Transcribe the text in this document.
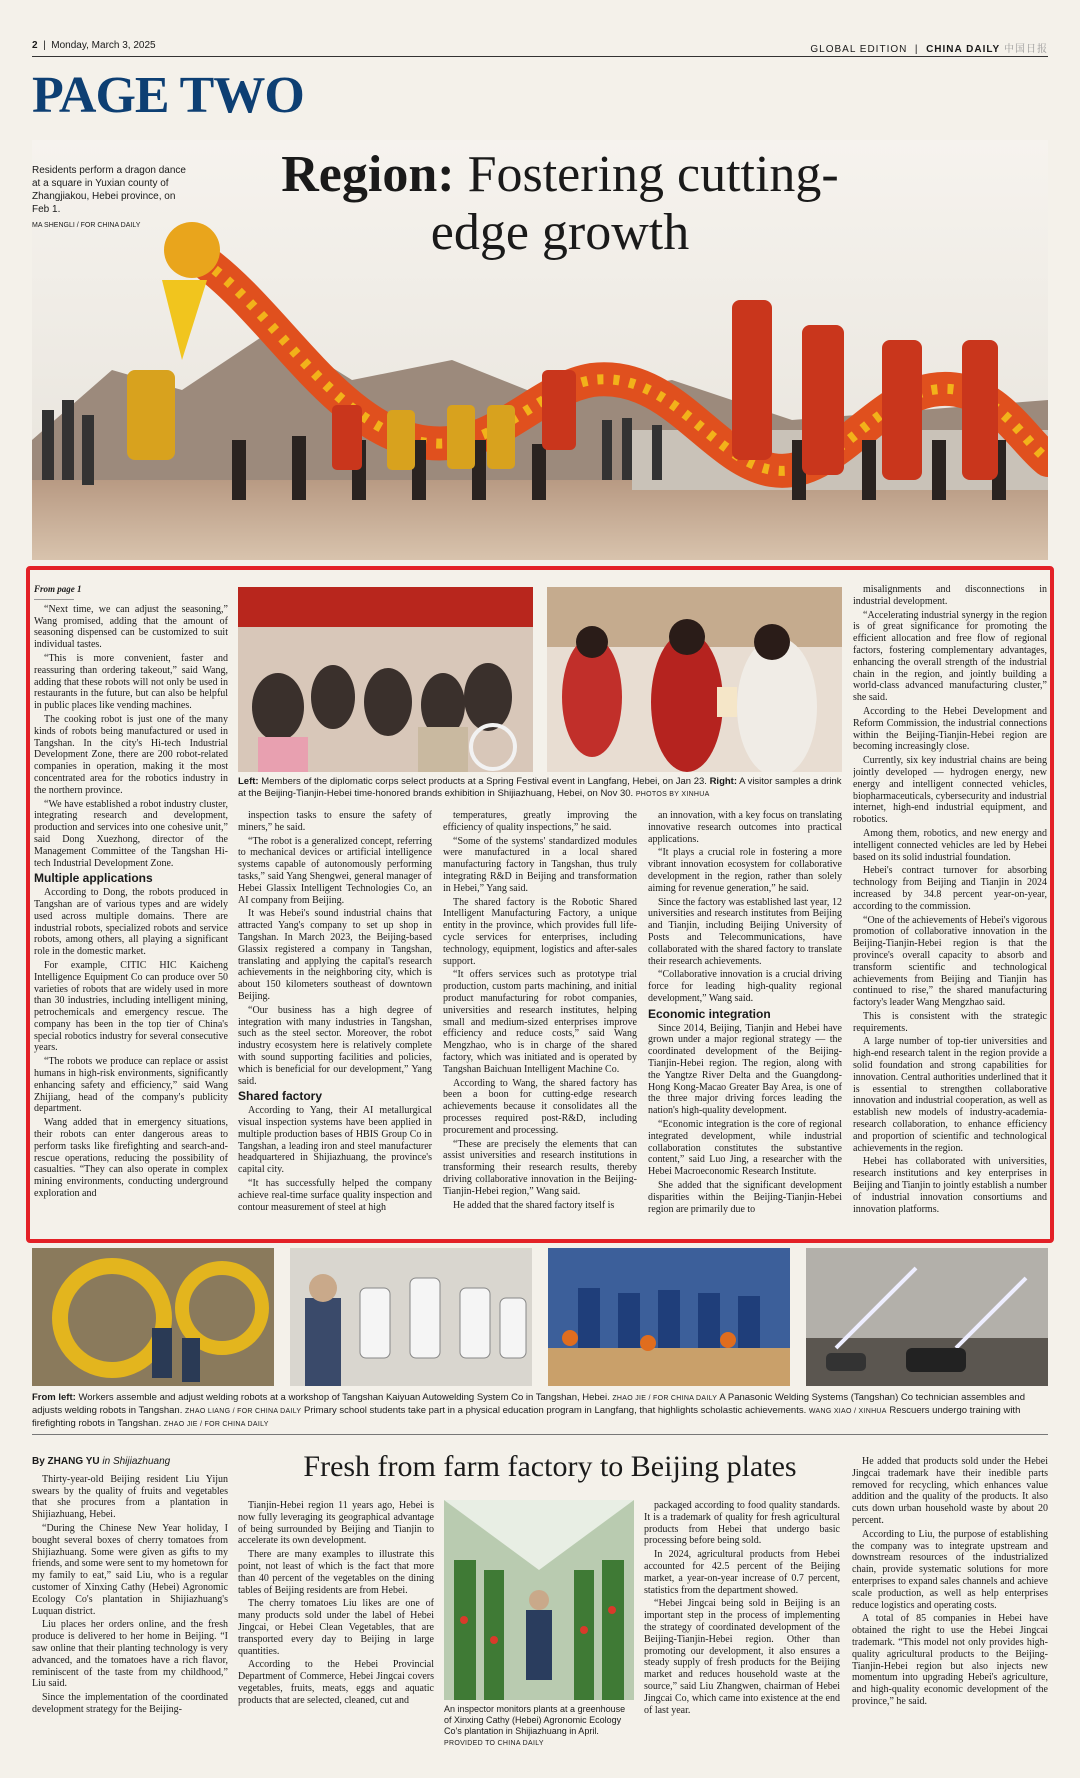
2  |  Monday, March 3, 2025	GLOBAL EDITION  |  CHINA DAILY 中国日报
PAGE TWO
Residents perform a dragon dance at a square in Yuxian county of Zhangjiakou, Hebei province, on Feb 1.
MA SHENGLI / FOR CHINA DAILY
Region: Fostering cutting-edge growth
From page 1

“Next time, we can adjust the seasoning,” Wang promised, adding that the amount of seasoning dispensed can be customized to suit individual tastes.

“This is more convenient, faster and reassuring than ordering takeout,” said Wang, adding that these robots will not only be used in restaurants in the future, but can also be helpful in public places like vending machines.

The cooking robot is just one of the many kinds of robots being manufactured or used in Tangshan. In the city's Hi-tech Industrial Development Zone, there are 200 robot-related companies in operation, making it the most concentrated area for the robotics industry in the northern province.

“We have established a robot industry cluster, integrating research and development, production and services into one cohesive unit,” said Dong Xuezhong, director of the Management Committee of the Tangshan Hi-tech Industrial Development Zone.

Multiple applications

According to Dong, the robots produced in Tangshan are of various types and are widely used across multiple domains. There are industrial robots, specialized robots and service robots, among others, all playing a significant role in the domestic market.

For example, CITIC HIC Kaicheng Intelligence Equipment Co can produce over 50 varieties of robots that are widely used in more than 30 industries, including intelligent mining, petrochemicals and emergency rescue. The company has been in the top tier of China's special robotics industry for several consecutive years.

“The robots we produce can replace or assist humans in high-risk environments, significantly enhancing safety and efficiency,” said Wang Zhijiang, head of the company's publicity department.

Wang added that in emergency situations, their robots can enter dangerous areas to perform tasks like firefighting and search-and-rescue operations, reducing the possibility of casualties. “They can also operate in complex mining environments, conducting underground exploration and

Left: Members of the diplomatic corps select products at a Spring Festival event in Langfang, Hebei, on Jan 23. Right: A visitor samples a drink at the Beijing-Tianjin-Hebei time-honored brands exhibition in Shijiazhuang, Hebei, on Nov 30. PHOTOS BY XINHUA

inspection tasks to ensure the safety of miners,” he said.

“The robot is a generalized concept, referring to mechanical devices or artificial intelligence systems capable of autonomously performing tasks,” said Yang Shengwei, general manager of Hebei Glassix Intelligent Technologies Co, an AI company from Beijing.

It was Hebei's sound industrial chains that attracted Yang's company to set up shop in Tangshan. In March 2023, the Beijing-based Glassix registered a company in Tangshan, translating and applying the capital's research achievements in the neighboring city, which is about 150 kilometers southeast of downtown Beijing.

“Our business has a high degree of integration with many industries in Tangshan, such as the steel sector. Moreover, the robot industry ecosystem here is relatively complete with sound supporting facilities and policies, which is beneficial for our development,” Yang said.

Shared factory

According to Yang, their AI metallurgical visual inspection systems have been applied in multiple production bases of HBIS Group Co in Tangshan, a leading iron and steel manufacturer headquartered in Shijiazhuang, the province's capital city.

“It has successfully helped the company achieve real-time surface quality inspection and contour measurement of steel at high

temperatures, greatly improving the efficiency of quality inspections,” he said.

“Some of the systems' standardized modules were manufactured in a local shared manufacturing factory in Tangshan, thus truly integrating R&D in Beijing and transformation in Hebei,” Yang said.

The shared factory is the Robotic Shared Intelligent Manufacturing Factory, a unique entity in the province, which provides full life-cycle services for enterprises, including technology, equipment, logistics and after-sales support.

“It offers services such as prototype trial production, custom parts machining, and initial product manufacturing for robot companies, universities and research institutes, helping small and medium-sized enterprises improve efficiency and reduce costs,” said Wang Mengzhao, who is in charge of the shared factory, which was initiated and is operated by Tangshan Baichuan Intelligent Machine Co.

According to Wang, the shared factory has been a boon for cutting-edge research achievements because it consolidates all the processes required post-R&D, including procurement and processing.

“These are precisely the elements that can assist universities and research institutions in transforming their research results, thereby driving collaborative innovation in the Beijing-Tianjin-Hebei region,” Wang said.

He added that the shared factory itself is

an innovation, with a key focus on translating innovative research outcomes into practical applications.

“It plays a crucial role in fostering a more vibrant innovation ecosystem for collaborative development in the region, rather than solely aiming for revenue generation,” he said.

Since the factory was established last year, 12 universities and research institutes from Beijing and Tianjin, including Beijing University of Posts and Telecommunications, have collaborated with the shared factory to translate their research achievements.

“Collaborative innovation is a crucial driving force for leading high-quality regional development,” Wang said.

Economic integration

Since 2014, Beijing, Tianjin and Hebei have grown under a major regional strategy — the coordinated development of the Beijing-Tianjin-Hebei region. The region, along with the Yangtze River Delta and the Guangdong-Hong Kong-Macao Greater Bay Area, is one of the three major driving forces leading the nation's high-quality development.

“Economic integration is the core of regional integrated development, while industrial collaboration constitutes the substantive content,” said Luo Jing, a researcher with the Hebei Macroeconomic Research Institute.

She added that the significant development disparities within the Beijing-Tianjin-Hebei region are primarily due to

misalignments and disconnections in industrial development.

“Accelerating industrial synergy in the region is of great significance for promoting the efficient allocation and free flow of regional factors, fostering complementary advantages, enhancing the overall strength of the industrial chain in the region, and jointly building a world-class advanced manufacturing cluster,” she said.

According to the Hebei Development and Reform Commission, the industrial connections within the Beijing-Tianjin-Hebei region are becoming increasingly close.

Currently, six key industrial chains are being jointly developed — hydrogen energy, new energy and intelligent connected vehicles, biopharmaceuticals, cybersecurity and industrial internet, high-end industrial equipment, and robotics.

Among them, robotics, and new energy and intelligent connected vehicles are led by Hebei based on its solid industrial foundation.

Hebei's contract turnover for absorbing technology from Beijing and Tianjin in 2024 increased by 34.8 percent year-on-year, according to the commission.

“One of the achievements of Hebei's vigorous promotion of collaborative innovation in the Beijing-Tianjin-Hebei region is that the province's overall capacity to absorb and transform scientific and technological achievements from Beijing and Tianjin has continued to rise,” the shared manufacturing factory's leader Wang Mengzhao said.

This is consistent with the strategic requirements.

A large number of top-tier universities and high-end research talent in the region provide a solid foundation and strong capabilities for innovation. Central authorities underlined that it is essential to strengthen collaborative innovation and industrial cooperation, as well as establish new models of industry-academia-research collaboration, to enhance efficiency and proportion of scientific and technological achievements in the region.

Hebei has collaborated with universities, research institutions and key enterprises in Beijing and Tianjin to jointly establish a number of industrial innovation consortiums and innovation platforms.

From left: Workers assemble and adjust welding robots at a workshop of Tangshan Kaiyuan Autowelding System Co in Tangshan, Hebei. ZHAO JIE / FOR CHINA DAILY A Panasonic Welding Systems (Tangshan) Co technician assembles and adjusts welding robots in Tangshan. ZHAO LIANG / FOR CHINA DAILY Primary school students take part in a physical education program in Langfang, that highlights scholastic achievements. WANG XIAO / XINHUA Rescuers undergo training with firefighting robots in Tangshan. ZHAO JIE / FOR CHINA DAILY
Fresh from farm factory to Beijing plates
By ZHANG YU in Shijiazhuang

Thirty-year-old Beijing resident Liu Yijun swears by the quality of fruits and vegetables that she procures from a plantation in Shijiazhuang, Hebei.

“During the Chinese New Year holiday, I bought several boxes of cherry tomatoes from Shijiazhuang. Some were given as gifts to my friends, and some were sent to my hometown for my family to eat,” said Liu, who is a regular customer of Xinxing Cathy (Hebei) Agronomic Ecology Co's plantation in Shijiazhuang's Luquan district.

Liu places her orders online, and the fresh produce is delivered to her home in Beijing. “I saw online that their planting technology is very advanced, and the tomatoes have a rich flavor, reminiscent of the taste from my childhood,” Liu said.

Since the implementation of the coordinated development strategy for the Beijing-

Tianjin-Hebei region 11 years ago, Hebei is now fully leveraging its geographical advantage of being surrounded by Beijing and Tianjin to accelerate its own development.

There are many examples to illustrate this point, not least of which is the fact that more than 40 percent of the vegetables on the dining tables of Beijing residents are from Hebei.

The cherry tomatoes Liu likes are one of many products sold under the label of Hebei Jingcai, or Hebei Clean Vegetables, that are transported every day to Beijing in large quantities.

According to the Hebei Provincial Department of Commerce, Hebei Jingcai covers vegetables, fruits, meats, eggs and aquatic products that are selected, cleaned, cut and

An inspector monitors plants at a greenhouse of Xinxing Cathy (Hebei) Agronomic Ecology Co's plantation in Shijiazhuang in April. PROVIDED TO CHINA DAILY

packaged according to food quality standards. It is a trademark of quality for fresh agricultural products from Hebei that undergo basic processing before being sold.

In 2024, agricultural products from Hebei accounted for 42.5 percent of the Beijing market, a year-on-year increase of 0.7 percent, statistics from the department showed.

“Hebei Jingcai being sold in Beijing is an important step in the process of implementing the strategy of coordinated development of the Beijing-Tianjin-Hebei region. Other than promoting our development, it also ensures a steady supply of fresh products for the Beijing market and reduces household waste at the source,” said Liu Zhangwen, chairman of Hebei Jingcai Co, which came into existence at the end of last year.

He added that products sold under the Hebei Jingcai trademark have their inedible parts removed for recycling, which enhances value addition and the quality of the products. It also cuts down urban household waste by about 20 percent.

According to Liu, the purpose of establishing the company was to integrate upstream and downstream resources of the industrialized chain, provide systematic solutions for more enterprises to expand sales channels and achieve scale production, as well as help enterprises reduce logistics and operating costs.

A total of 85 companies in Hebei have obtained the right to use the Hebei Jingcai trademark. “This model not only provides high-quality agricultural products to the Beijing-Tianjin-Hebei region but also injects new momentum into upgrading Hebei's agriculture, and high-quality economic development of the province,” he said.
